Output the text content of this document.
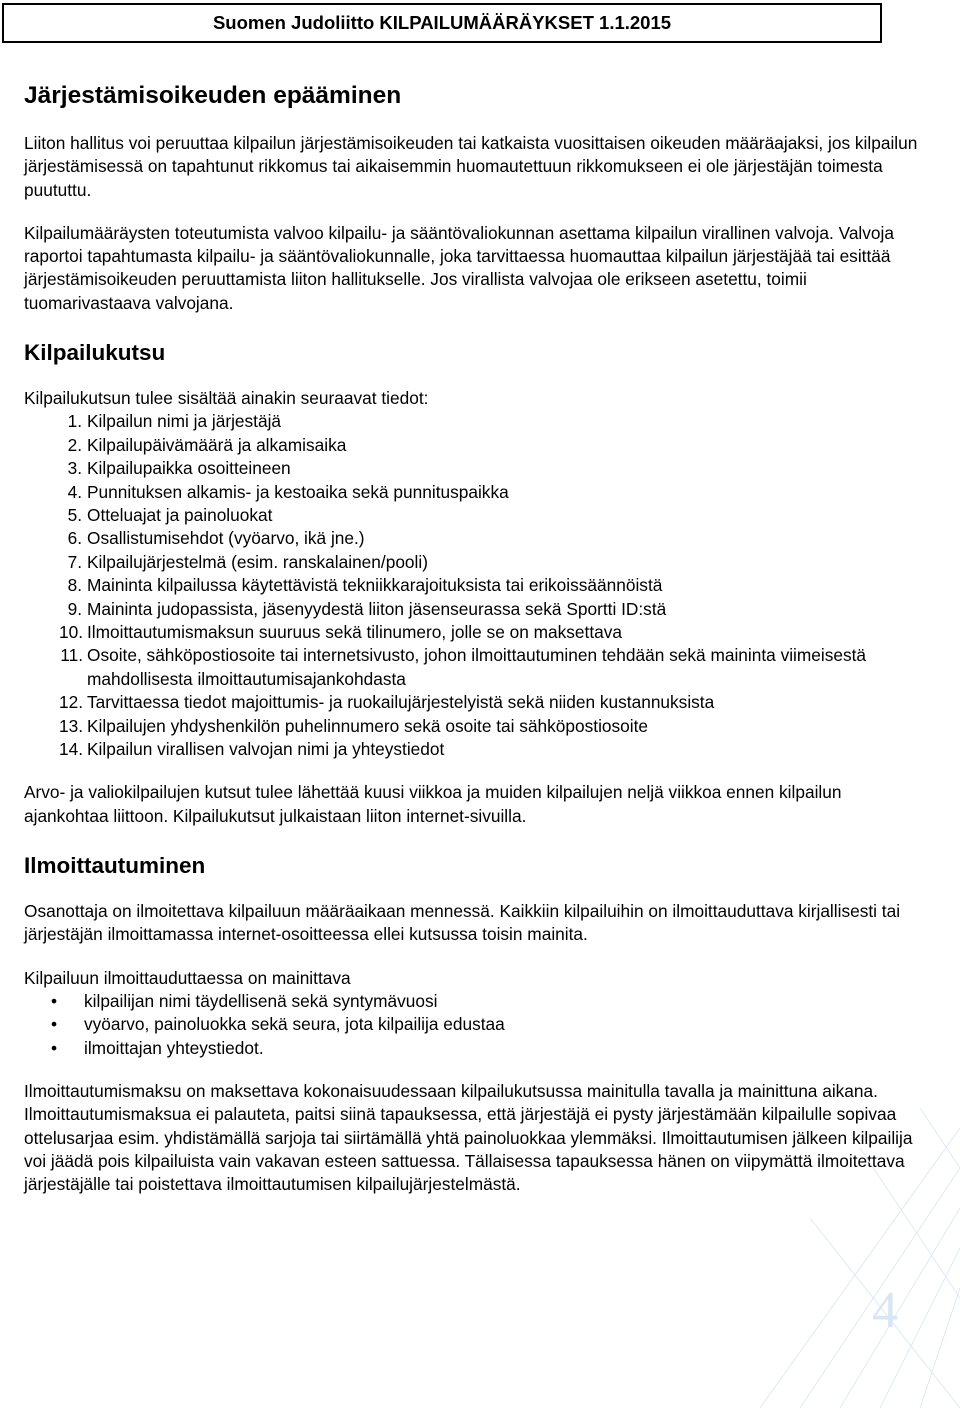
Suomen Judoliitto KILPAILUMÄÄRÄYKSET 1.1.2015
Järjestämisoikeuden epääminen

Liiton hallitus voi peruuttaa kilpailun järjestämisoikeuden tai katkaista vuosittaisen oikeuden määräajaksi, jos kilpailun järjestämisessä on tapahtunut rikkomus tai aikaisemmin huomautettuun rikkomukseen ei ole järjestäjän toimesta puututtu.

Kilpailumääräysten toteutumista valvoo kilpailu- ja sääntövaliokunnan asettama kilpailun virallinen valvoja. Valvoja raportoi tapahtumasta kilpailu- ja sääntövaliokunnalle, joka tarvittaessa huomauttaa kilpailun järjestäjää tai esittää järjestämisoikeuden peruuttamista liiton hallitukselle. Jos virallista valvojaa ole erikseen asetettu, toimii tuomarivastaava valvojana.

Kilpailukutsu

Kilpailukutsun tulee sisältää ainakin seuraavat tiedot:

1. Kilpailun nimi ja järjestäjä
2. Kilpailupäivämäärä ja alkamisaika
3. Kilpailupaikka osoitteineen
4. Punnituksen alkamis- ja kestoaika sekä punnituspaikka
5. Otteluajat ja painoluokat
6. Osallistumisehdot (vyöarvo, ikä jne.)
7. Kilpailujärjestelmä (esim. ranskalainen/pooli)
8. Maininta kilpailussa käytettävistä tekniikkarajoituksista tai erikoissäännöistä
9. Maininta judopassista, jäsenyydestä liiton jäsenseurassa sekä Sportti ID:stä
10. Ilmoittautumismaksun suuruus sekä tilinumero, jolle se on maksettava
11. Osoite, sähköpostiosoite tai internetsivusto, johon ilmoittautuminen tehdään sekä maininta viimeisestä mahdollisesta ilmoittautumisajankohdasta
12. Tarvittaessa tiedot majoittumis- ja ruokailujärjestelyistä sekä niiden kustannuksista
13. Kilpailujen yhdyshenkilön puhelinnumero sekä osoite tai sähköpostiosoite
14. Kilpailun virallisen valvojan nimi ja yhteystiedot

Arvo- ja valiokilpailujen kutsut tulee lähettää kuusi viikkoa ja muiden kilpailujen neljä viikkoa ennen kilpailun ajankohtaa liittoon. Kilpailukutsut julkaistaan liiton internet-sivuilla.

Ilmoittautuminen

Osanottaja on ilmoitettava kilpailuun määräaikaan mennessä. Kaikkiin kilpailuihin on ilmoittauduttava kirjallisesti tai järjestäjän ilmoittamassa internet-osoitteessa ellei kutsussa toisin mainita.

Kilpailuun ilmoittauduttaessa on mainittava

•	kilpailijan nimi täydellisenä sekä syntymävuosi
•	vyöarvo, painoluokka sekä seura, jota kilpailija edustaa
•	ilmoittajan yhteystiedot.

Ilmoittautumismaksu on maksettava kokonaisuudessaan kilpailukutsussa mainitulla tavalla ja mainittuna aikana. Ilmoittautumismaksua ei palauteta, paitsi siinä tapauksessa, että järjestäjä ei pysty järjestämään kilpailulle sopivaa ottelusarjaa esim. yhdistämällä sarjoja tai siirtämällä yhtä painoluokkaa ylemmäksi. Ilmoittautumisen jälkeen kilpailija voi jäädä pois kilpailuista vain vakavan esteen sattuessa. Tällaisessa tapauksessa hänen on viipymättä ilmoitettava järjestäjälle tai poistettava ilmoittautumisen kilpailujärjestelmästä.

4
